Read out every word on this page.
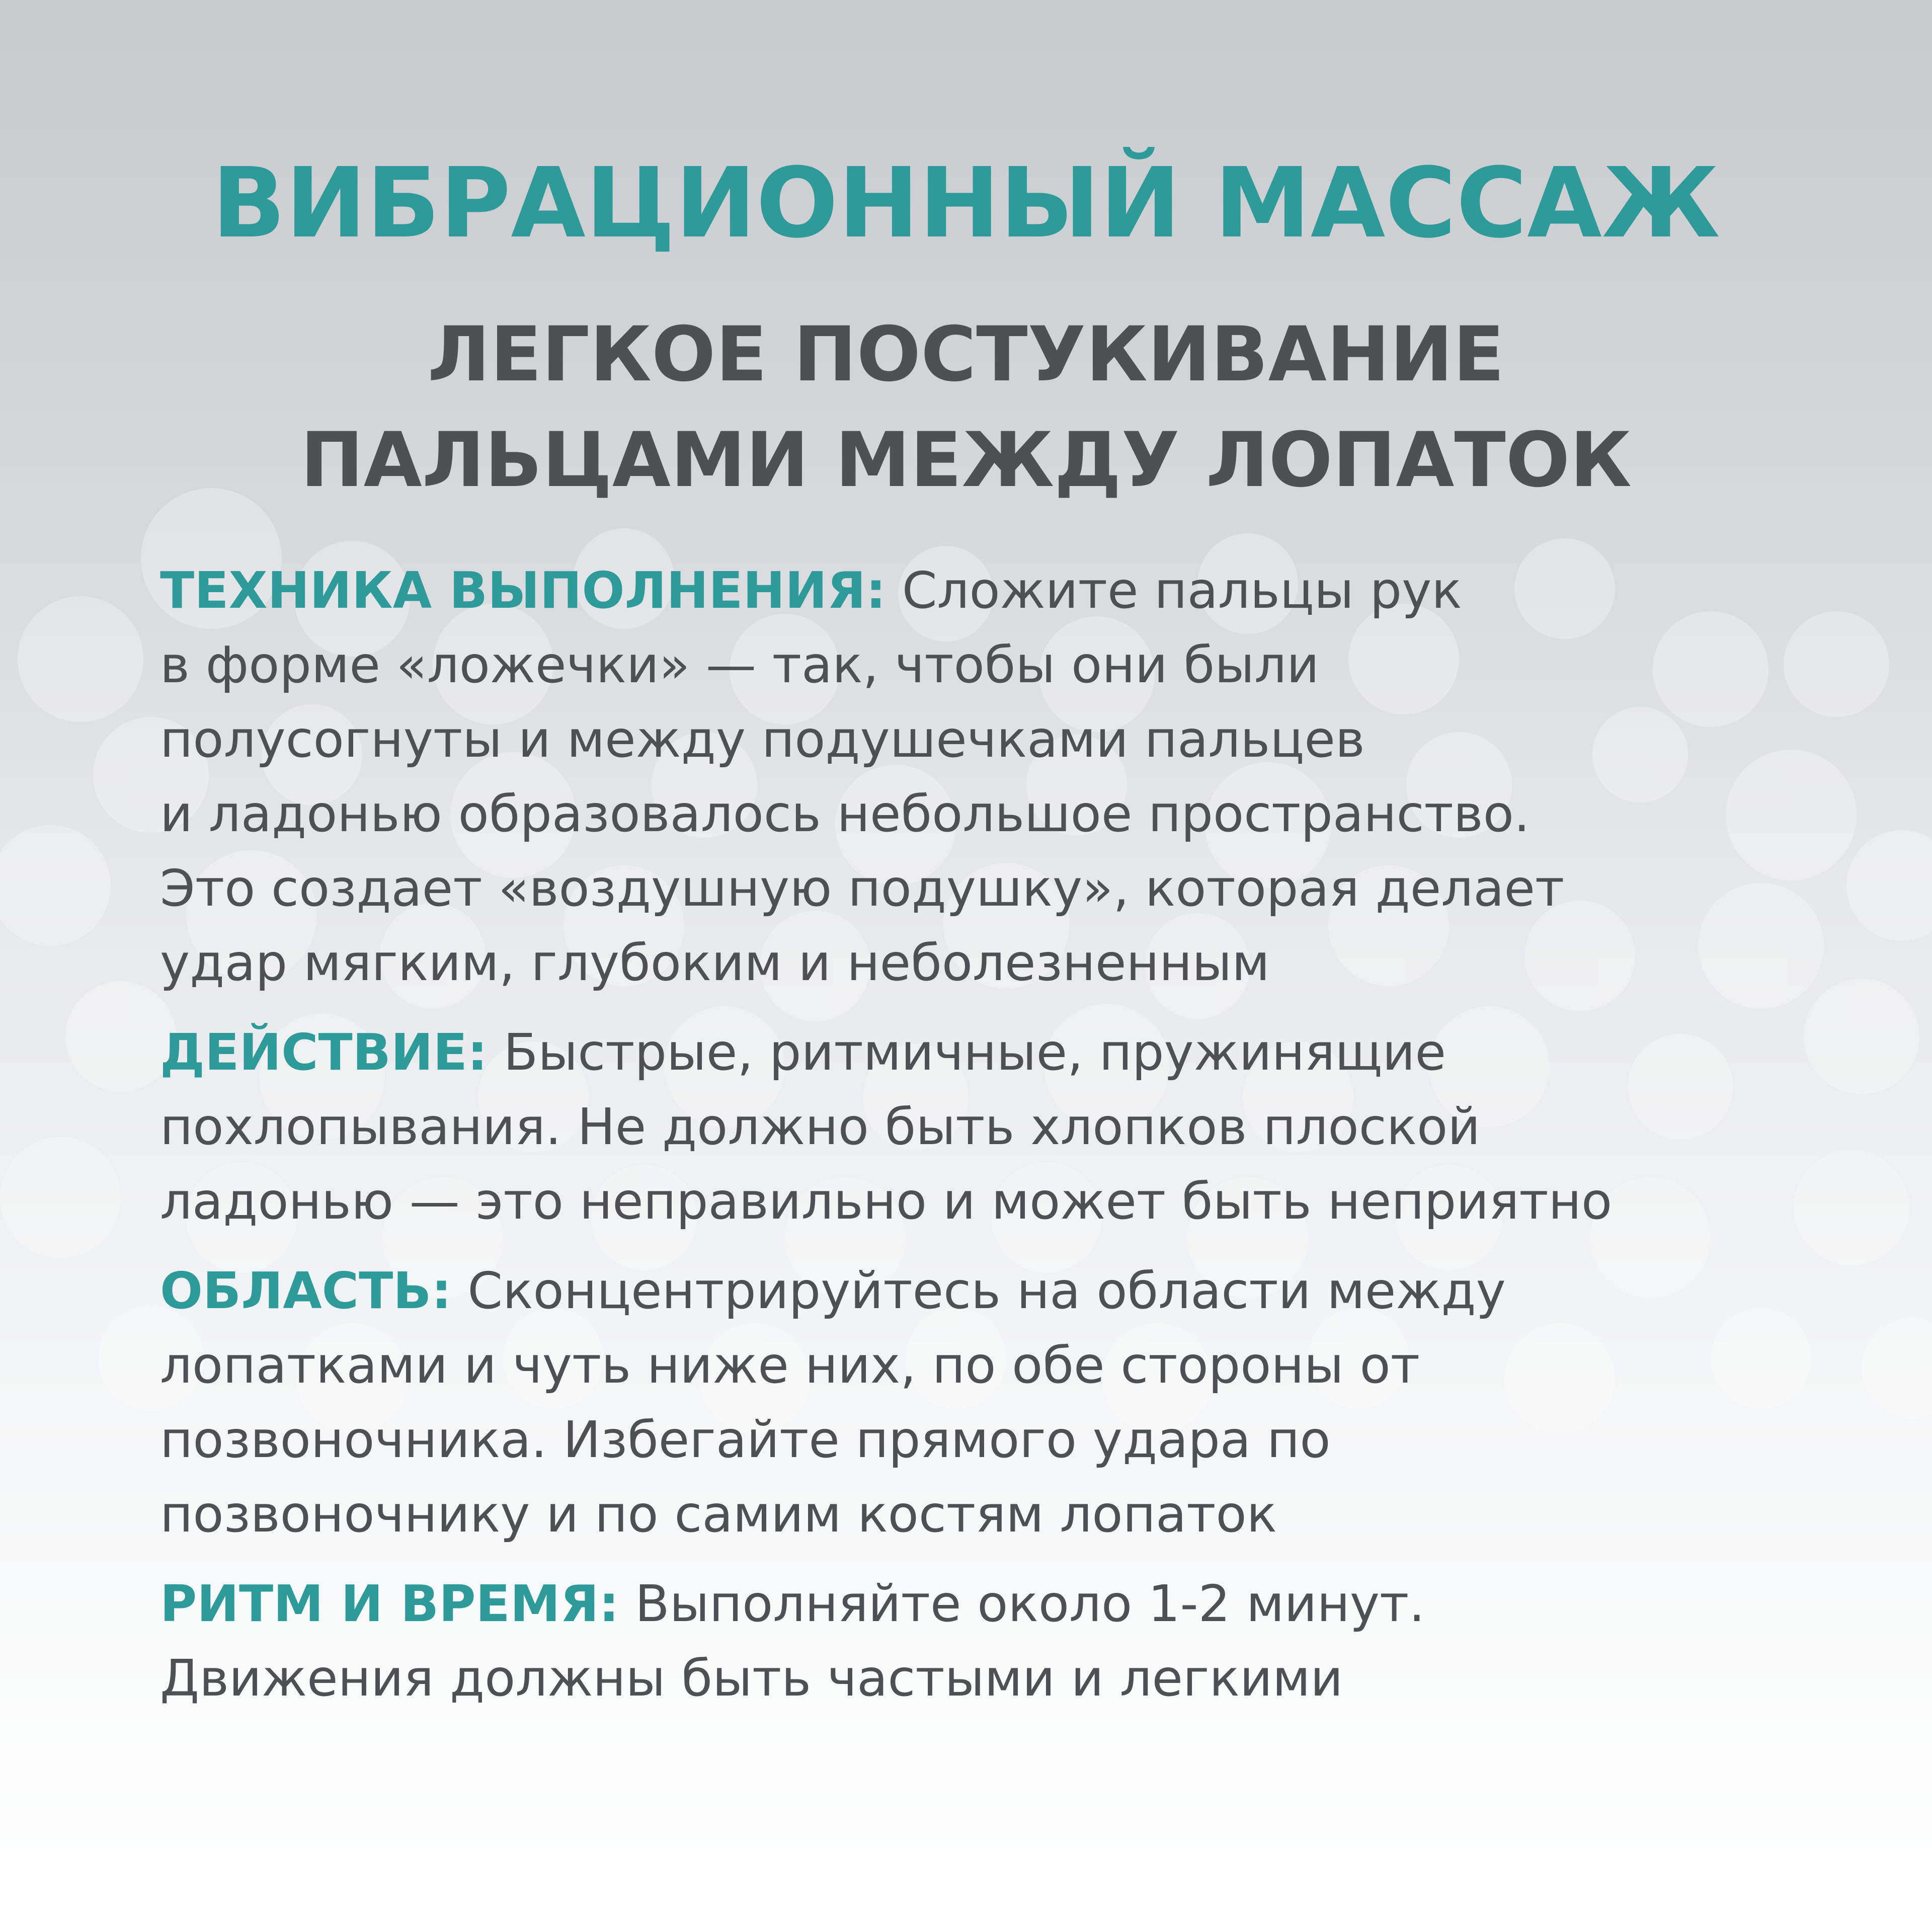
ВИБРАЦИОННЫЙ МАССАЖ
ЛЕГКОЕ ПОСТУКИВАНИЕ
ПАЛЬЦАМИ МЕЖДУ ЛОПАТОК
ТЕХНИКА ВЫПОЛНЕНИЯ: Сложите пальцы рук
в форме «ложечки» — так, чтобы они были
полусогнуты и между подушечками пальцев
и ладонью образовалось небольшое пространство.
Это создает «воздушную подушку», которая делает
удар мягким, глубоким и неболезненным
ДЕЙСТВИЕ: Быстрые, ритмичные, пружинящие
похлопывания. Не должно быть хлопков плоской
ладонью — это неправильно и может быть неприятно
ОБЛАСТЬ: Сконцентрируйтесь на области между
лопатками и чуть ниже них, по обе стороны от
позвоночника. Избегайте прямого удара по
позвоночнику и по самим костям лопаток
РИТМ И ВРЕМЯ: Выполняйте около 1-2 минут.
Движения должны быть частыми и легкими
